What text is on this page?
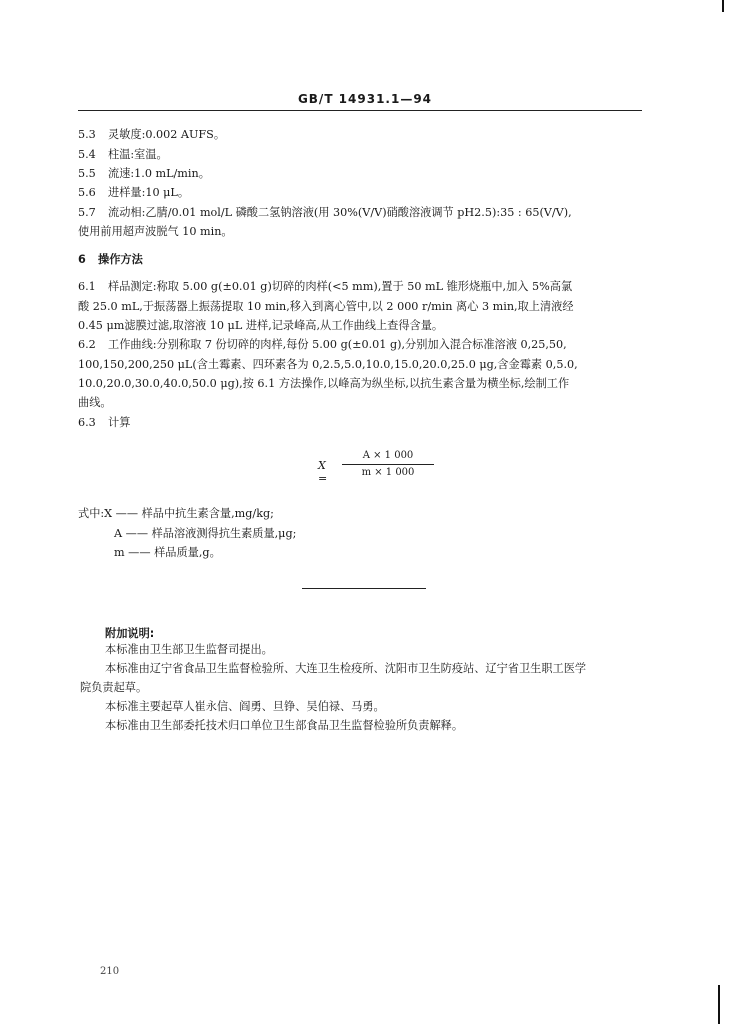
GB/T 14931.1—94
5.3 灵敏度:0.002 AUFS。
5.4 柱温:室温。
5.5 流速:1.0 mL/min。
5.6 进样量:10 μL。
5.7 流动相:乙腈/0.01 mol/L 磷酸二氢钠溶液(用 30%(V/V)硝酸溶液调节 pH2.5):35 : 65(V/V),
使用前用超声波脱气 10 min。
6 操作方法
6.1 样品测定:称取 5.00 g(±0.01 g)切碎的肉样(<5 mm),置于 50 mL 锥形烧瓶中,加入 5%高氯
酸 25.0 mL,于振荡器上振荡提取 10 min,移入到离心管中,以 2 000 r/min 离心 3 min,取上清液经
0.45 μm滤膜过滤,取溶液 10 μL 进样,记录峰高,从工作曲线上查得含量。
6.2 工作曲线:分别称取 7 份切碎的肉样,每份 5.00 g(±0.01 g),分别加入混合标准溶液 0,25,50,
100,150,200,250 μL(含土霉素、四环素各为 0,2.5,5.0,10.0,15.0,20.0,25.0 μg,含金霉素 0,5.0,
10.0,20.0,30.0,40.0,50.0 μg),按 6.1 方法操作,以峰高为纵坐标,以抗生素含量为横坐标,绘制工作
曲线。
6.3 计算
X =
A × 1 000
m × 1 000
式中:X —— 样品中抗生素含量,mg/kg;
A —— 样品溶液测得抗生素质量,μg;
m —— 样品质量,g。
附加说明:
本标准由卫生部卫生监督司提出。
本标准由辽宁省食品卫生监督检验所、大连卫生检疫所、沈阳市卫生防疫站、辽宁省卫生职工医学
院负责起草。
本标准主要起草人崔永信、阎勇、旦铮、吴伯禄、马勇。
本标准由卫生部委托技术归口单位卫生部食品卫生监督检验所负责解释。
210
